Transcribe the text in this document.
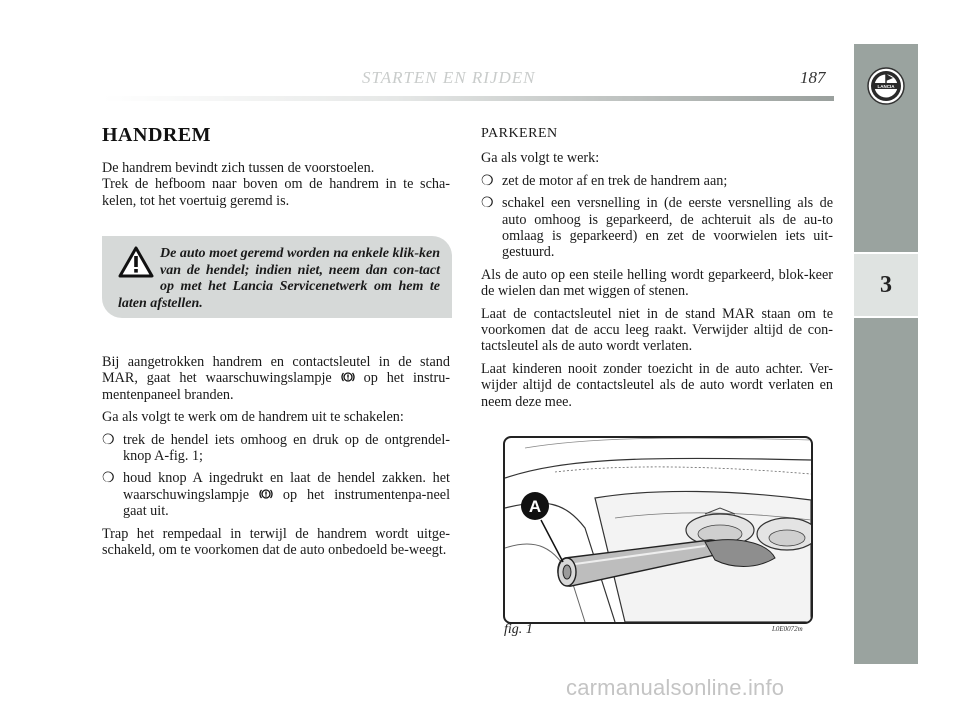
LANCIA
3
STARTEN EN RIJDEN	187
HANDREM
De handrem bevindt zich tussen de voorstoelen.
Trek de hefboom naar boven om de handrem in te scha-kelen, tot het voertuig geremd is.
De auto moet geremd worden na enkele klik-ken van de hendel; indien niet, neem dan con-tact op met het Lancia Servicenetwerk om hem te laten afstellen.

Bij aangetrokken handrem en contactsleutel in de stand MAR, gaat het waarschuwingslampje op het instru-mentenpaneel branden.

Ga als volgt te werk om de handrem uit te schakelen:

❍ trek de hendel iets omhoog en druk op de ontgrendel-knop A-fig. 1;
❍ houd knop A ingedrukt en laat de hendel zakken. het waarschuwingslampje op het instrumentenpa-neel gaat uit.

Trap het rempedaal in terwijl de handrem wordt uitge-schakeld, om te voorkomen dat de auto onbedoeld be-weegt.

PARKEREN

Ga als volgt te werk:

❍ zet de motor af en trek de handrem aan;
❍ schakel een versnelling in (de eerste versnelling als de auto omhoog is geparkeerd, de achteruit als de au-to omlaag is geparkeerd) en zet de voorwielen iets uit-gestuurd.

Als de auto op een steile helling wordt geparkeerd, blok-keer de wielen dan met wiggen of stenen.

Laat de contactsleutel niet in de stand MAR staan om te voorkomen dat de accu leeg raakt. Verwijder altijd de con-tactsleutel als de auto wordt verlaten.

Laat kinderen nooit zonder toezicht in de auto achter. Ver-wijder altijd de contactsleutel als de auto wordt verlaten en neem deze mee.

A
fig. 1	L0E0072m
carmanualsonline.info
